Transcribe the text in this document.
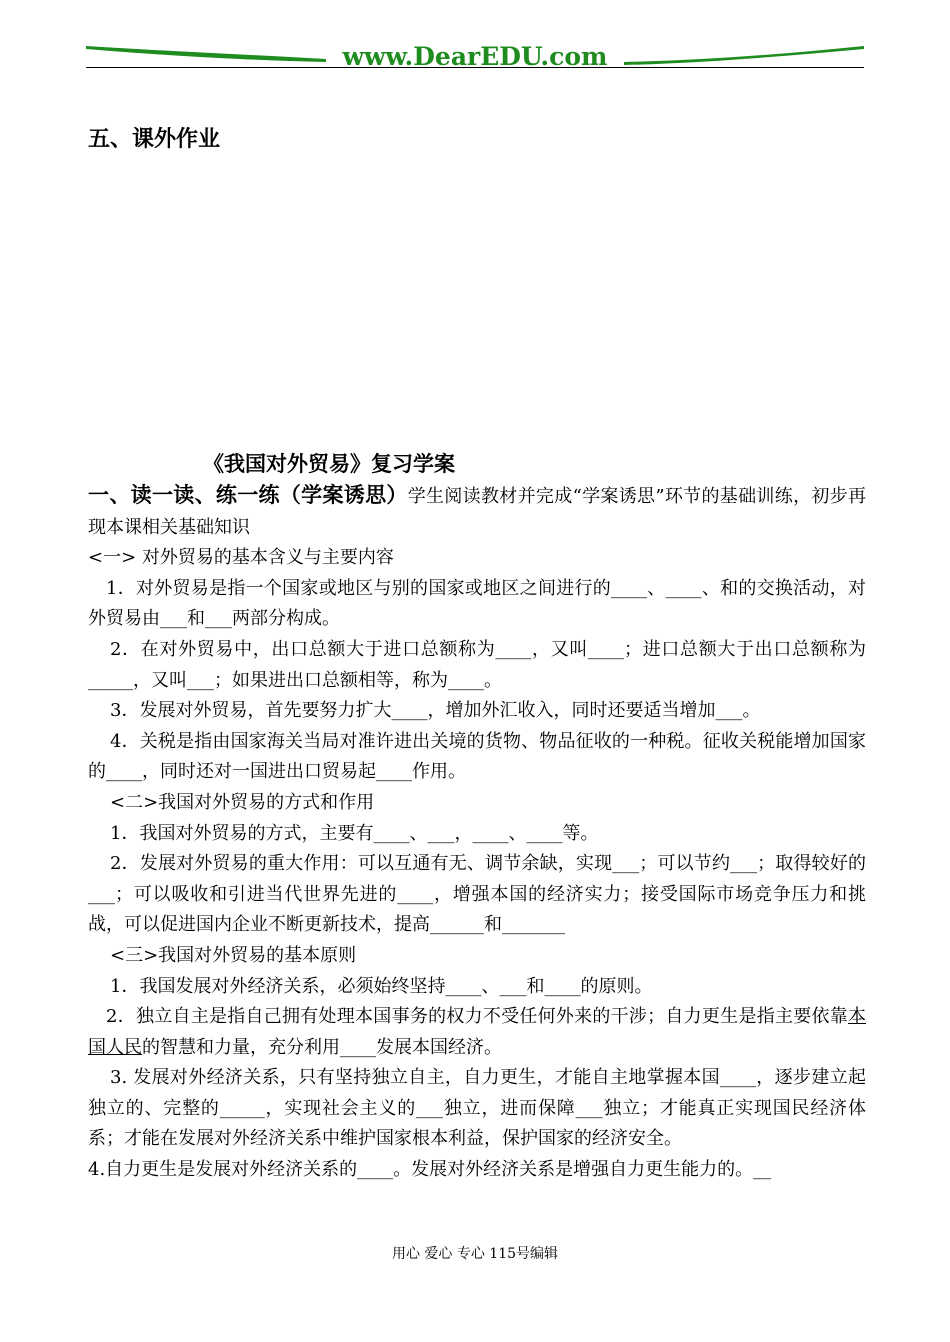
www.DearEDU.com
五、课外作业
《我国对外贸易》复习学案

一、读一读、练一练（学案诱思）学生阅读教材并完成“学案诱思”环节的基础训练，初步再现本课相关基础知识

<一> 对外贸易的基本含义与主要内容

1．对外贸易是指一个国家或地区与别的国家或地区之间进行的____、____、和的交换活动，对外贸易由___和___两部分构成。

2．在对外贸易中，出口总额大于进口总额称为____，又叫____；进口总额大于出口总额称为_____，又叫___；如果进出口总额相等，称为____。

3．发展对外贸易，首先要努力扩大____，增加外汇收入，同时还要适当增加___。

4．关税是指由国家海关当局对准许进出关境的货物、物品征收的一种税。征收关税能增加国家的____，同时还对一国进出口贸易起____作用。

<二>我国对外贸易的方式和作用

1．我国对外贸易的方式，主要有____、___，____、____等。

2．发展对外贸易的重大作用：可以互通有无、调节余缺，实现___；可以节约___；取得较好的___；可以吸收和引进当代世界先进的____，增强本国的经济实力；接受国际市场竞争压力和挑战，可以促进国内企业不断更新技术，提高______和_______

<三>我国对外贸易的基本原则

1．我国发展对外经济关系，必须始终坚持____、___和____的原则。

2．独立自主是指自己拥有处理本国事务的权力不受任何外来的干涉；自力更生是指主要依靠本国人民的智慧和力量，充分利用____发展本国经济。

3. 发展对外经济关系，只有坚持独立自主，自力更生，才能自主地掌握本国____，逐步建立起独立的、完整的_____，实现社会主义的___独立，进而保障___独立；才能真正实现国民经济体系；才能在发展对外经济关系中维护国家根本利益，保护国家的经济安全。

4.自力更生是发展对外经济关系的____。发展对外经济关系是增强自力更生能力的。__

用心 爱心 专心 115号编辑
